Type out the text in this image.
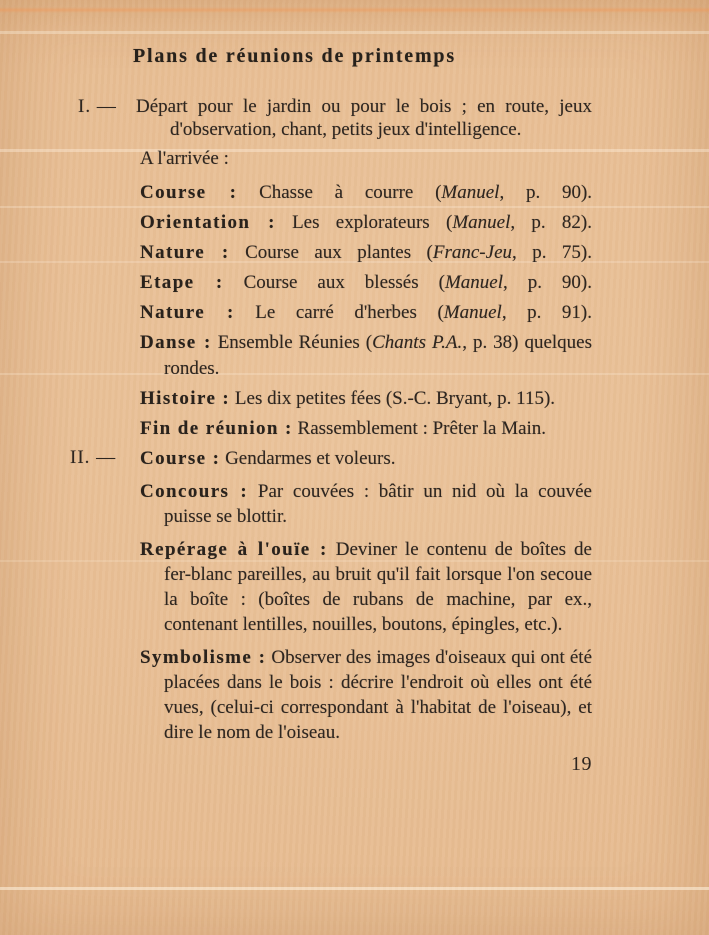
Plans de réunions de printemps
I. — Départ pour le jardin ou pour le bois ; en route, jeux d'observation, chant, petits jeux d'intelligence.

A l'arrivée :

Course : Chasse à courre (Manuel, p. 90).

Orientation : Les explorateurs (Manuel, p. 82).

Nature : Course aux plantes (Franc-Jeu, p. 75).

Etape : Course aux blessés (Manuel, p. 90).

Nature : Le carré d'herbes (Manuel, p. 91).

Danse : Ensemble Réunies (Chants P.A., p. 38) quelques rondes.

Histoire : Les dix petites fées (S.-C. Bryant, p. 115).

Fin de réunion : Rassemblement : Prêter la Main.

II. — Course : Gendarmes et voleurs.

Concours : Par couvées : bâtir un nid où la couvée puisse se blottir.

Repérage à l'ouïe : Deviner le contenu de boîtes de fer-blanc pareilles, au bruit qu'il fait lorsque l'on secoue la boîte : (boîtes de rubans de machine, par ex., contenant lentilles, nouilles, boutons, épingles, etc.).

Symbolisme : Observer des images d'oiseaux qui ont été placées dans le bois : décrire l'endroit où elles ont été vues, (celui-ci correspondant à l'habitat de l'oiseau), et dire le nom de l'oiseau.

19
